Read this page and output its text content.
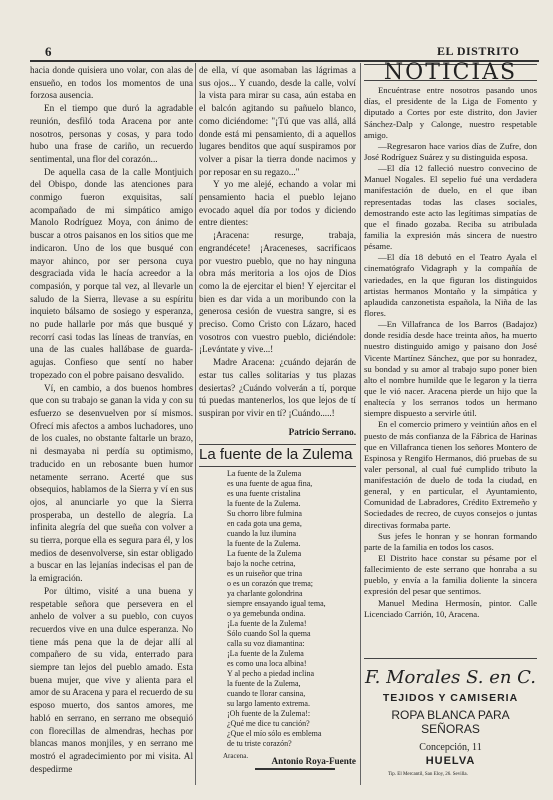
6	EL DISTRITO

hacia donde quisiera uno volar, con alas de ensueño, en todos los momentos de una forzosa ausencia.

En el tiempo que duró la agradable reunión, desfiló toda Aracena por ante nosotros, personas y cosas, y para todo hubo una frase de cariño, un recuerdo sentimental, una flor del corazón...

De aquella casa de la calle Montjuich del Obispo, donde las atenciones para conmigo fueron exquisitas, salí acompañado de mi simpático amigo Manolo Rodríguez Moya, con ánimo de buscar a otros paisanos en los sitios que me indicaron. Uno de los que busqué con mayor ahinco, por ser persona cuya desgraciada vida le hacía acreedor a la compasión, y porque tal vez, al llevarle un saludo de la Sierra, llevase a su espíritu inquieto bálsamo de sosiego y esperanza, no pude hallarle por más que busqué y recorrí casi todas las líneas de tranvías, en una de las cuales hallábase de guarda-agujas. Confieso que sentí no haber tropezado con el pobre paisano desvalido.

Ví, en cambio, a dos buenos hombres que con su trabajo se ganan la vida y con su esfuerzo se desenvuelven por sí mismos. Ofrecí mis afectos a ambos luchadores, uno de los cuales, no obstante faltarle un brazo, ni desmayaba ni perdía su optimismo, traducido en un rebosante buen humor netamente serrano. Acerté que sus obsequios, hablamos de la Sierra y ví en sus ojos, al anunciarle yo que la Sierra prosperaba, un destello de alegría. La infinita alegría del que sueña con volver a su tierra, porque ella es segura para él, y los medios de desenvolverse, sin estar obligado a buscar en las lejanías indecisas el pan de la emigración.

Por último, visité a una buena y respetable señora que persevera en el anhelo de volver a su pueblo, con cuyos recuerdos vive en una dulce esperanza. No tiene más pena que la de dejar allí al compañero de su vida, enterrado para siempre tan lejos del pueblo amado. Esta buena mujer, que vive y alienta para el amor de su Aracena y para el recuerdo de su esposo muerto, dos santos amores, me habló en serrano, en serrano me obsequió con florecillas de almendras, hechas por blancas manos monjiles, y en serrano me mostró el agradecimiento por mi visita. Al despedirme

de ella, ví que asomaban las lágrimas a sus ojos... Y cuando, desde la calle, volví la vista para mirar su casa, aún estaba en el balcón agitando su pañuelo blanco, como diciéndome: "¡Tú que vas allá, allá donde está mi pensamiento, di a aquellos lugares benditos que aquí suspiramos por volver a pisar la tierra donde nacimos y por reposar en su regazo..."

Y yo me alejé, echando a volar mi pensamiento hacia el pueblo lejano evocado aquel día por todos y diciendo entre dientes:

¡Aracena: resurge, trabaja, engrandécete! ¡Araceneses, sacrificaos por vuestro pueblo, que no hay ninguna obra más meritoria a los ojos de Dios como la de ejercitar el bien! Y ejercitar el bien es dar vida a un moribundo con la generosa cesión de vuestra sangre, si es preciso. Como Cristo con Lázaro, haced vosotros con vuestro pueblo, diciéndole: ¡Levántate y vive...!

Madre Aracena: ¿cuándo dejarán de estar tus calles solitarias y tus plazas desiertas? ¿Cuándo volverán a tí, porque tú puedas mantenerlos, los que lejos de tí suspiran por vivir en tí? ¡Cuándo.....!

Patricio Serrano.
La fuente de la Zulema
La fuente de la Zulema
es una fuente de agua fina,
es una fuente cristalina
la fuente de la Zulema.
Su chorro libre fulmina
en cada gota una gema,
cuando la luz ilumina
la fuente de la Zulema.
La fuente de la Zulema
bajo la noche cetrina,
es un ruiseñor que trina
o es un corazón que trema;
ya charlante golondrina
siempre ensayando igual tema,
o ya gemebunda ondina.
¡La fuente de la Zulema!
Sólo cuando Sol la quema
calla su voz diamantina:
¡La fuente de la Zulema
es como una loca albina!
Y al pecho a piedad inclina
la fuente de la Zulema,
cuando te llorar cansina,
su largo lamento extrema.
¡Oh fuente de la Zulema!:
¿Qué me dice tu canción?
¿Que el mío sólo es emblema
de tu triste corazón?
Antonio Roya-Fuente
Aracena.
NOTICIAS

Encuéntrase entre nosotros pasando unos días, el presidente de la Liga de Fomento y diputado a Cortes por este distrito, don Javier Sánchez-Dalp y Calonge, nuestro respetable amigo.

—Regresaron hace varios días de Zufre, don José Rodríguez Suárez y su distinguida esposa.

—El día 12 falleció nuestro convecino de Manuel Nogales. El sepelio fué una verdadera manifestación de duelo, en el que iban representadas todas las clases sociales, demostrando este acto las legítimas simpatías de que el finado gozaba. Reciba su atribulada familia la expresión más sincera de nuestro pésame.

—El día 18 debutó en el Teatro Ayala el cinematógrafo Vidagraph y la compañía de variedades, en la que figuran los distinguidos artistas hermanos Montaño y la simpática y aplaudida canzonetista española, la Niña de las flores.

—En Villafranca de los Barros (Badajoz) donde residía desde hace treinta años, ha muerto nuestro distinguido amigo y paisano don José Vicente Martínez Sánchez, que por su honradez, su bondad y su amor al trabajo supo poner bien alto el nombre humilde que le legaron y la tierra que le vió nacer. Aracena pierde un hijo que la enaltecía y los serranos todos un hermano siempre dispuesto a servirle útil.

En el comercio primero y veintiún años en el puesto de más confianza de la Fábrica de Harinas que en Villafranca tienen los señores Montero de Espinosa y Rengifo Hermanos, dió pruebas de su valer personal, al cual fué cumplido tributo la manifestación de duelo de toda la ciudad, en general, y en particular, el Ayuntamiento, Comunidad de Labradores, Crédito Extremeño y Sociedades de recreo, de cuyos consejos o juntas directivas formaba parte.

Sus jefes le honran y se honran formando parte de la familia en todos los casos.

El Distrito hace constar su pésame por el fallecimiento de este serrano que honraba a su pueblo, y envía a la familia doliente la sincera expresión del pesar que sentimos.

Manuel Medina Hermosín, pintor. Calle Licenciado Carrión, 10, Aracena.

F. Morales S. en C.
TEJIDOS Y CAMISERIA
ROPA BLANCA PARA SEÑORAS
Concepción, 11
HUELVA
Tip. El Mercantil, San Eloy, 26. Sevilla.
